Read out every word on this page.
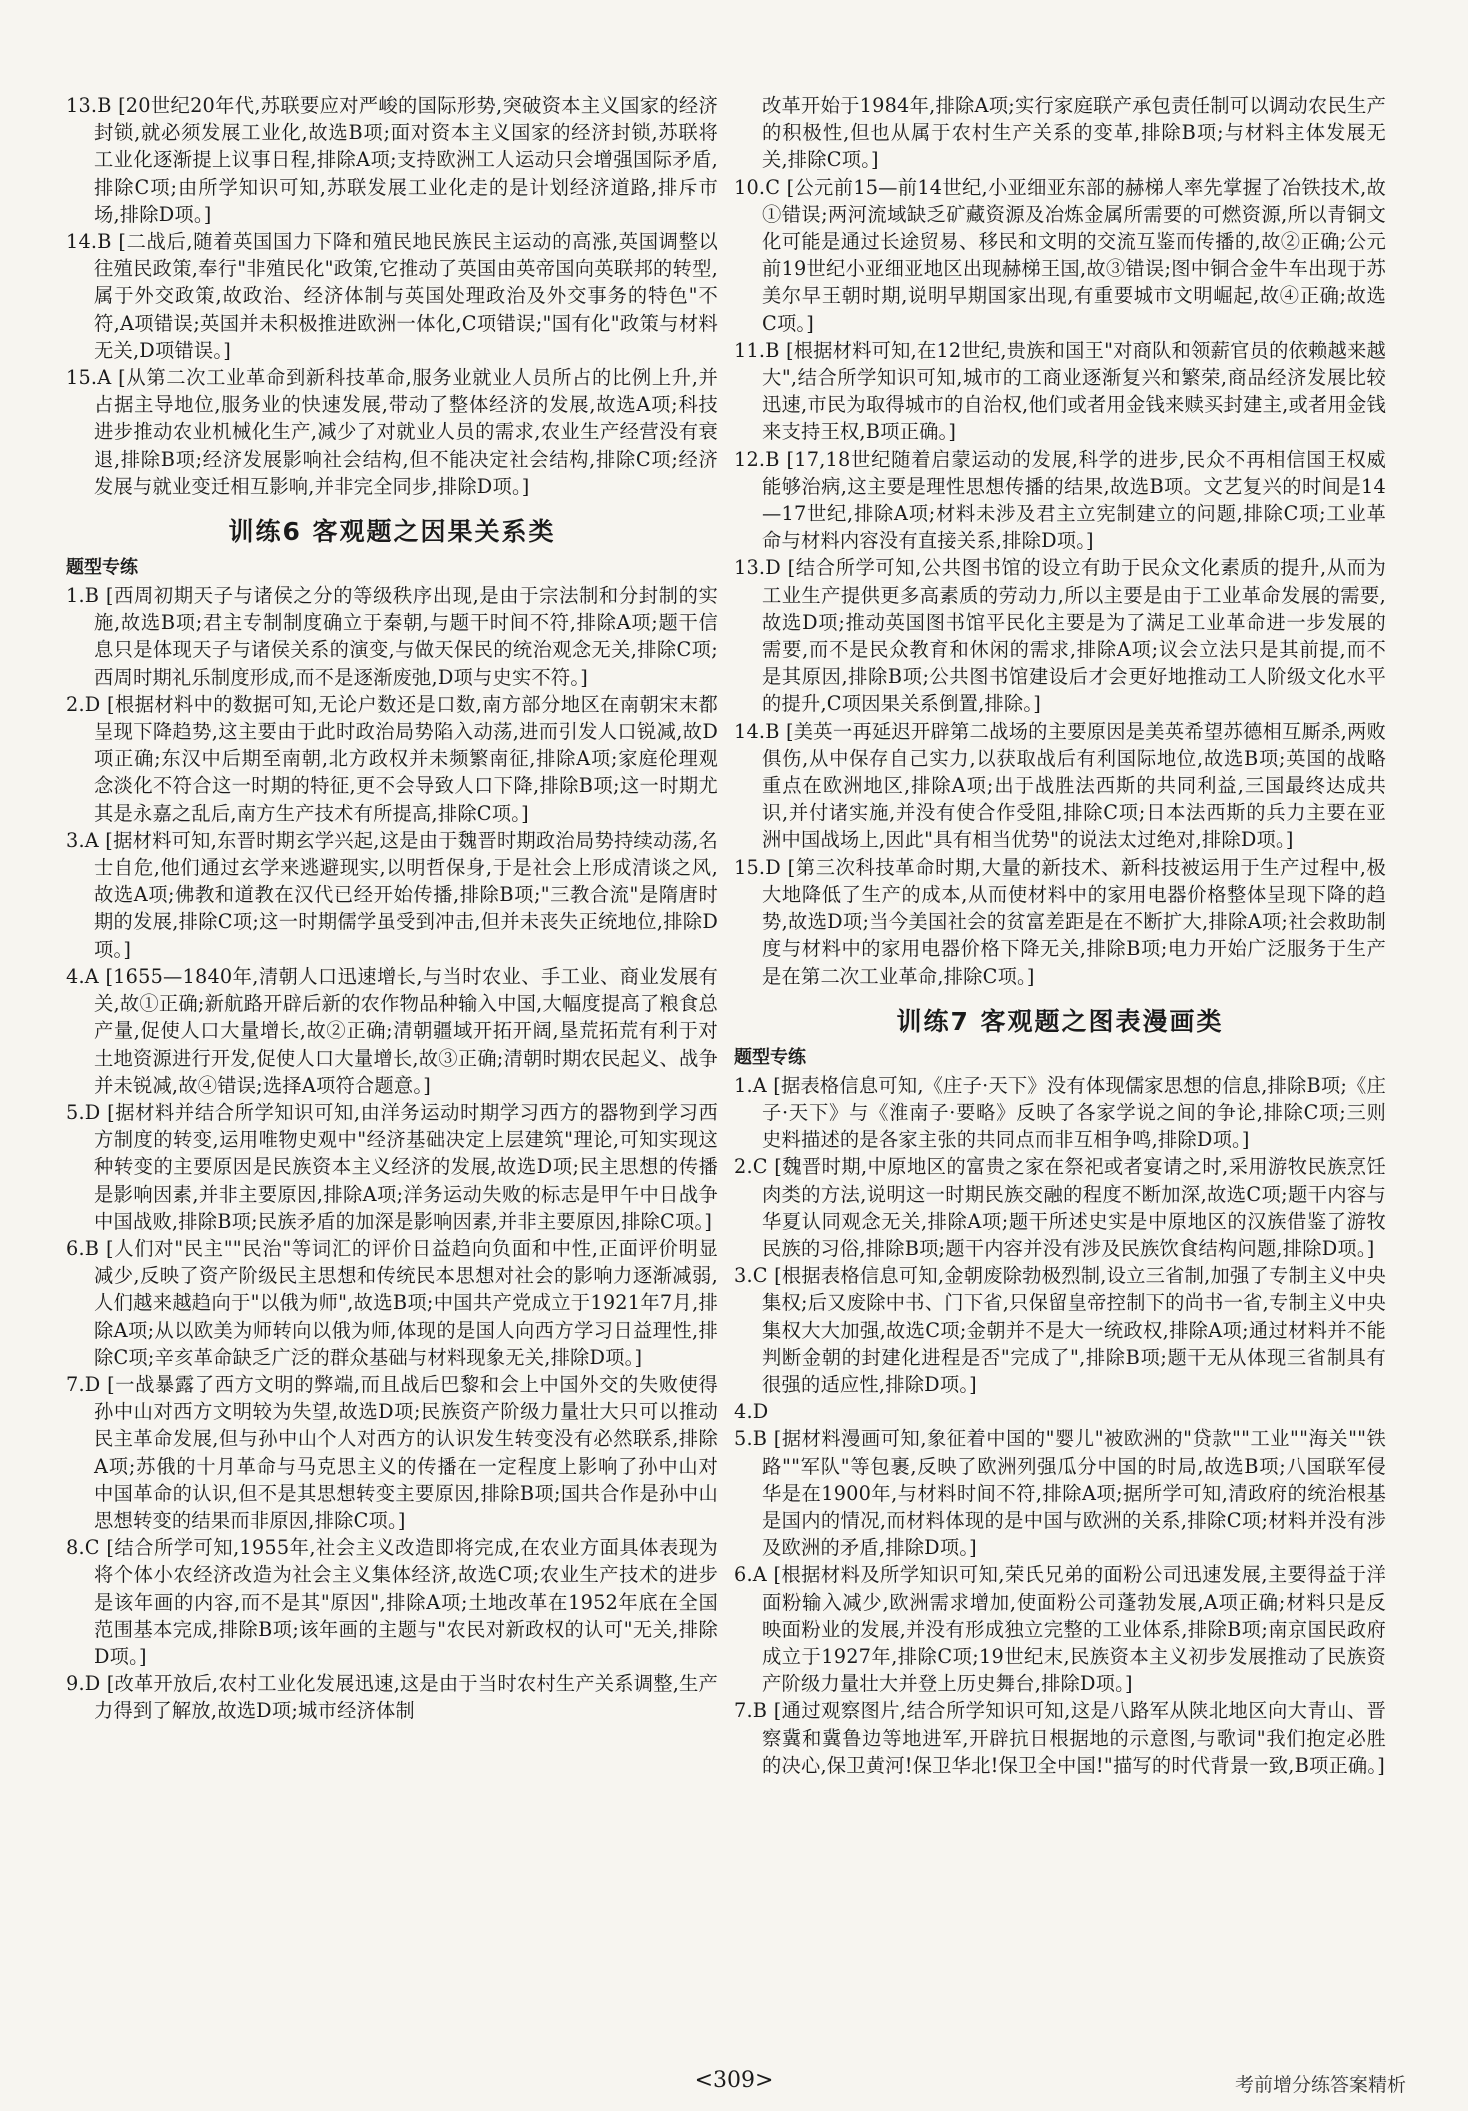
13.B [20世纪20年代,苏联要应对严峻的国际形势,突破资本主义国家的经济封锁,就必须发展工业化,故选B项;面对资本主义国家的经济封锁,苏联将工业化逐渐提上议事日程,排除A项;支持欧洲工人运动只会增强国际矛盾,排除C项;由所学知识可知,苏联发展工业化走的是计划经济道路,排斥市场,排除D项。]

14.B [二战后,随着英国国力下降和殖民地民族民主运动的高涨,英国调整以往殖民政策,奉行"非殖民化"政策,它推动了英国由英帝国向英联邦的转型,属于外交政策,故政治、经济体制与英国处理政治及外交事务的特色"不符,A项错误;英国并未积极推进欧洲一体化,C项错误;"国有化"政策与材料无关,D项错误。]

15.A [从第二次工业革命到新科技革命,服务业就业人员所占的比例上升,并占据主导地位,服务业的快速发展,带动了整体经济的发展,故选A项;科技进步推动农业机械化生产,减少了对就业人员的需求,农业生产经营没有衰退,排除B项;经济发展影响社会结构,但不能决定社会结构,排除C项;经济发展与就业变迁相互影响,并非完全同步,排除D项。]

训练6 客观题之因果关系类
题型专练

1.B [西周初期天子与诸侯之分的等级秩序出现,是由于宗法制和分封制的实施,故选B项;君主专制制度确立于秦朝,与题干时间不符,排除A项;题干信息只是体现天子与诸侯关系的演变,与做天保民的统治观念无关,排除C项;西周时期礼乐制度形成,而不是逐渐废弛,D项与史实不符。]

2.D [根据材料中的数据可知,无论户数还是口数,南方部分地区在南朝宋末都呈现下降趋势,这主要由于此时政治局势陷入动荡,进而引发人口锐减,故D项正确;东汉中后期至南朝,北方政权并未频繁南征,排除A项;家庭伦理观念淡化不符合这一时期的特征,更不会导致人口下降,排除B项;这一时期尤其是永嘉之乱后,南方生产技术有所提高,排除C项。]

3.A [据材料可知,东晋时期玄学兴起,这是由于魏晋时期政治局势持续动荡,名士自危,他们通过玄学来逃避现实,以明哲保身,于是社会上形成清谈之风,故选A项;佛教和道教在汉代已经开始传播,排除B项;"三教合流"是隋唐时期的发展,排除C项;这一时期儒学虽受到冲击,但并未丧失正统地位,排除D项。]

4.A [1655—1840年,清朝人口迅速增长,与当时农业、手工业、商业发展有关,故①正确;新航路开辟后新的农作物品种输入中国,大幅度提高了粮食总产量,促使人口大量增长,故②正确;清朝疆域开拓开阔,垦荒拓荒有利于对土地资源进行开发,促使人口大量增长,故③正确;清朝时期农民起义、战争并未锐减,故④错误;选择A项符合题意。]

5.D [据材料并结合所学知识可知,由洋务运动时期学习西方的器物到学习西方制度的转变,运用唯物史观中"经济基础决定上层建筑"理论,可知实现这种转变的主要原因是民族资本主义经济的发展,故选D项;民主思想的传播是影响因素,并非主要原因,排除A项;洋务运动失败的标志是甲午中日战争中国战败,排除B项;民族矛盾的加深是影响因素,并非主要原因,排除C项。]

6.B [人们对"民主""民治"等词汇的评价日益趋向负面和中性,正面评价明显减少,反映了资产阶级民主思想和传统民本思想对社会的影响力逐渐减弱,人们越来越趋向于"以俄为师",故选B项;中国共产党成立于1921年7月,排除A项;从以欧美为师转向以俄为师,体现的是国人向西方学习日益理性,排除C项;辛亥革命缺乏广泛的群众基础与材料现象无关,排除D项。]

7.D [一战暴露了西方文明的弊端,而且战后巴黎和会上中国外交的失败使得孙中山对西方文明较为失望,故选D项;民族资产阶级力量壮大只可以推动民主革命发展,但与孙中山个人对西方的认识发生转变没有必然联系,排除A项;苏俄的十月革命与马克思主义的传播在一定程度上影响了孙中山对中国革命的认识,但不是其思想转变主要原因,排除B项;国共合作是孙中山思想转变的结果而非原因,排除C项。]

8.C [结合所学可知,1955年,社会主义改造即将完成,在农业方面具体表现为将个体小农经济改造为社会主义集体经济,故选C项;农业生产技术的进步是该年画的内容,而不是其"原因",排除A项;土地改革在1952年底在全国范围基本完成,排除B项;该年画的主题与"农民对新政权的认可"无关,排除D项。]

9.D [改革开放后,农村工业化发展迅速,这是由于当时农村生产关系调整,生产力得到了解放,故选D项;城市经济体制

改革开始于1984年,排除A项;实行家庭联产承包责任制可以调动农民生产的积极性,但也从属于农村生产关系的变革,排除B项;与材料主体发展无关,排除C项。]

10.C [公元前15—前14世纪,小亚细亚东部的赫梯人率先掌握了冶铁技术,故①错误;两河流域缺乏矿藏资源及冶炼金属所需要的可燃资源,所以青铜文化可能是通过长途贸易、移民和文明的交流互鉴而传播的,故②正确;公元前19世纪小亚细亚地区出现赫梯王国,故③错误;图中铜合金牛车出现于苏美尔早王朝时期,说明早期国家出现,有重要城市文明崛起,故④正确;故选C项。]

11.B [根据材料可知,在12世纪,贵族和国王"对商队和领薪官员的依赖越来越大",结合所学知识可知,城市的工商业逐渐复兴和繁荣,商品经济发展比较迅速,市民为取得城市的自治权,他们或者用金钱来赎买封建主,或者用金钱来支持王权,B项正确。]

12.B [17,18世纪随着启蒙运动的发展,科学的进步,民众不再相信国王权威能够治病,这主要是理性思想传播的结果,故选B项。文艺复兴的时间是14—17世纪,排除A项;材料未涉及君主立宪制建立的问题,排除C项;工业革命与材料内容没有直接关系,排除D项。]

13.D [结合所学可知,公共图书馆的设立有助于民众文化素质的提升,从而为工业生产提供更多高素质的劳动力,所以主要是由于工业革命发展的需要,故选D项;推动英国图书馆平民化主要是为了满足工业革命进一步发展的需要,而不是民众教育和休闲的需求,排除A项;议会立法只是其前提,而不是其原因,排除B项;公共图书馆建设后才会更好地推动工人阶级文化水平的提升,C项因果关系倒置,排除。]

14.B [美英一再延迟开辟第二战场的主要原因是美英希望苏德相互厮杀,两败俱伤,从中保存自己实力,以获取战后有利国际地位,故选B项;英国的战略重点在欧洲地区,排除A项;出于战胜法西斯的共同利益,三国最终达成共识,并付诸实施,并没有使合作受阻,排除C项;日本法西斯的兵力主要在亚洲中国战场上,因此"具有相当优势"的说法太过绝对,排除D项。]

15.D [第三次科技革命时期,大量的新技术、新科技被运用于生产过程中,极大地降低了生产的成本,从而使材料中的家用电器价格整体呈现下降的趋势,故选D项;当今美国社会的贫富差距是在不断扩大,排除A项;社会救助制度与材料中的家用电器价格下降无关,排除B项;电力开始广泛服务于生产是在第二次工业革命,排除C项。]

训练7 客观题之图表漫画类
题型专练

1.A [据表格信息可知,《庄子·天下》没有体现儒家思想的信息,排除B项;《庄子·天下》与《淮南子·要略》反映了各家学说之间的争论,排除C项;三则史料描述的是各家主张的共同点而非互相争鸣,排除D项。]

2.C [魏晋时期,中原地区的富贵之家在祭祀或者宴请之时,采用游牧民族烹饪肉类的方法,说明这一时期民族交融的程度不断加深,故选C项;题干内容与华夏认同观念无关,排除A项;题干所述史实是中原地区的汉族借鉴了游牧民族的习俗,排除B项;题干内容并没有涉及民族饮食结构问题,排除D项。]

3.C [根据表格信息可知,金朝废除勃极烈制,设立三省制,加强了专制主义中央集权;后又废除中书、门下省,只保留皇帝控制下的尚书一省,专制主义中央集权大大加强,故选C项;金朝并不是大一统政权,排除A项;通过材料并不能判断金朝的封建化进程是否"完成了",排除B项;题干无从体现三省制具有很强的适应性,排除D项。]

4.D

5.B [据材料漫画可知,象征着中国的"婴儿"被欧洲的"贷款""工业""海关""铁路""军队"等包裹,反映了欧洲列强瓜分中国的时局,故选B项;八国联军侵华是在1900年,与材料时间不符,排除A项;据所学可知,清政府的统治根基是国内的情况,而材料体现的是中国与欧洲的关系,排除C项;材料并没有涉及欧洲的矛盾,排除D项。]

6.A [根据材料及所学知识可知,荣氏兄弟的面粉公司迅速发展,主要得益于洋面粉输入减少,欧洲需求增加,使面粉公司蓬勃发展,A项正确;材料只是反映面粉业的发展,并没有形成独立完整的工业体系,排除B项;南京国民政府成立于1927年,排除C项;19世纪末,民族资本主义初步发展推动了民族资产阶级力量壮大并登上历史舞台,排除D项。]

7.B [通过观察图片,结合所学知识可知,这是八路军从陕北地区向大青山、晋察冀和冀鲁边等地进军,开辟抗日根据地的示意图,与歌词"我们抱定必胜的决心,保卫黄河!保卫华北!保卫全中国!"描写的时代背景一致,B项正确。]

<309>	考前增分练答案精析
